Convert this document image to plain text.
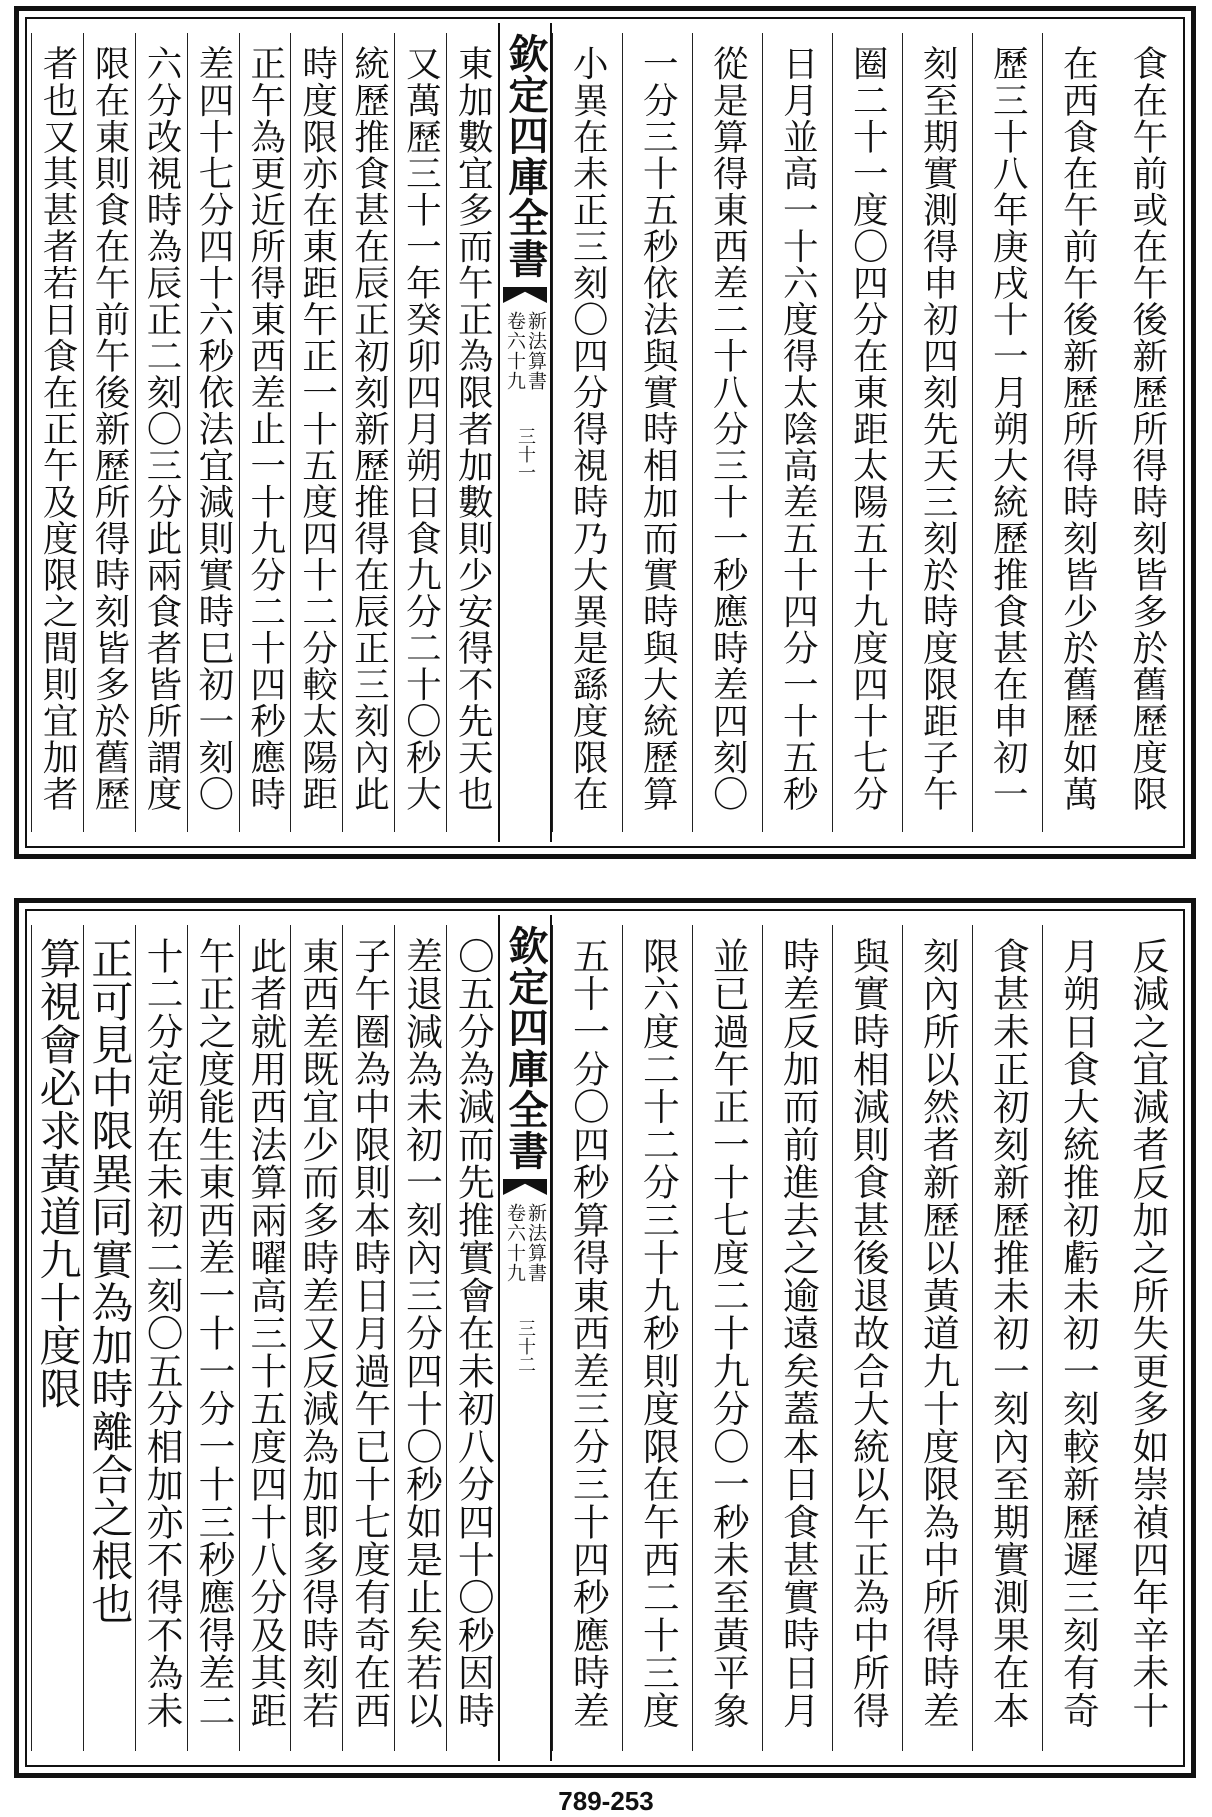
食在午前或在午後新歷所得時刻皆多於舊歷度限
在西食在午前午後新歷所得時刻皆少於舊歷如萬
歷三十八年庚戌十一月朔大統歷推食甚在申初一
刻至期實測得申初四刻先天三刻於時度限距子午
圈二十一度〇四分在東距太陽五十九度四十七分
日月並高一十六度得太陰高差五十四分一十五秒
從是算得東西差二十八分三十一秒應時差四刻〇
一分三十五秒依法與實時相加而實時與大統歷算
小異在未正三刻〇四分得視時乃大異是繇度限在
欽定四庫全書
新法算書
卷六十九
三十一
東加數宜多而午正為限者加數則少安得不先天也
又萬歷三十一年癸卯四月朔日食九分二十〇秒大
統歷推食甚在辰正初刻新歷推得在辰正三刻內此
時度限亦在東距午正一十五度四十二分較太陽距
正午為更近所得東西差止一十九分二十四秒應時
差四十七分四十六秒依法宜減則實時巳初一刻〇
六分改視時為辰正二刻〇三分此兩食者皆所謂度
限在東則食在午前午後新歷所得時刻皆多於舊歷
者也又其甚者若日食在正午及度限之間則宜加者
反減之宜減者反加之所失更多如崇禎四年辛未十
月朔日食大統推初虧未初一刻較新歷遲三刻有奇
食甚未正初刻新歷推未初一刻內至期實測果在本
刻內所以然者新歷以黃道九十度限為中所得時差
與實時相減則食甚後退故合大統以午正為中所得
時差反加而前進去之逾遠矣蓋本日食甚實時日月
並已過午正一十七度二十九分〇一秒未至黃平象
限六度二十二分三十九秒則度限在午西二十三度
五十一分〇四秒算得東西差三分三十四秒應時差
欽定四庫全書
新法算書
卷六十九
三十二
〇五分為減而先推實會在未初八分四十〇秒因時
差退減為未初一刻內三分四十〇秒如是止矣若以
子午圈為中限則本時日月過午已十七度有奇在西
東西差既宜少而多時差又反減為加即多得時刻若
此者就用西法算兩曜高三十五度四十八分及其距
午正之度能生東西差一十一分一十三秒應得差二
十二分定朔在未初二刻〇五分相加亦不得不為未
正可見中限異同實為加時離合之根也
算視會必求黃道九十度限
789-253
